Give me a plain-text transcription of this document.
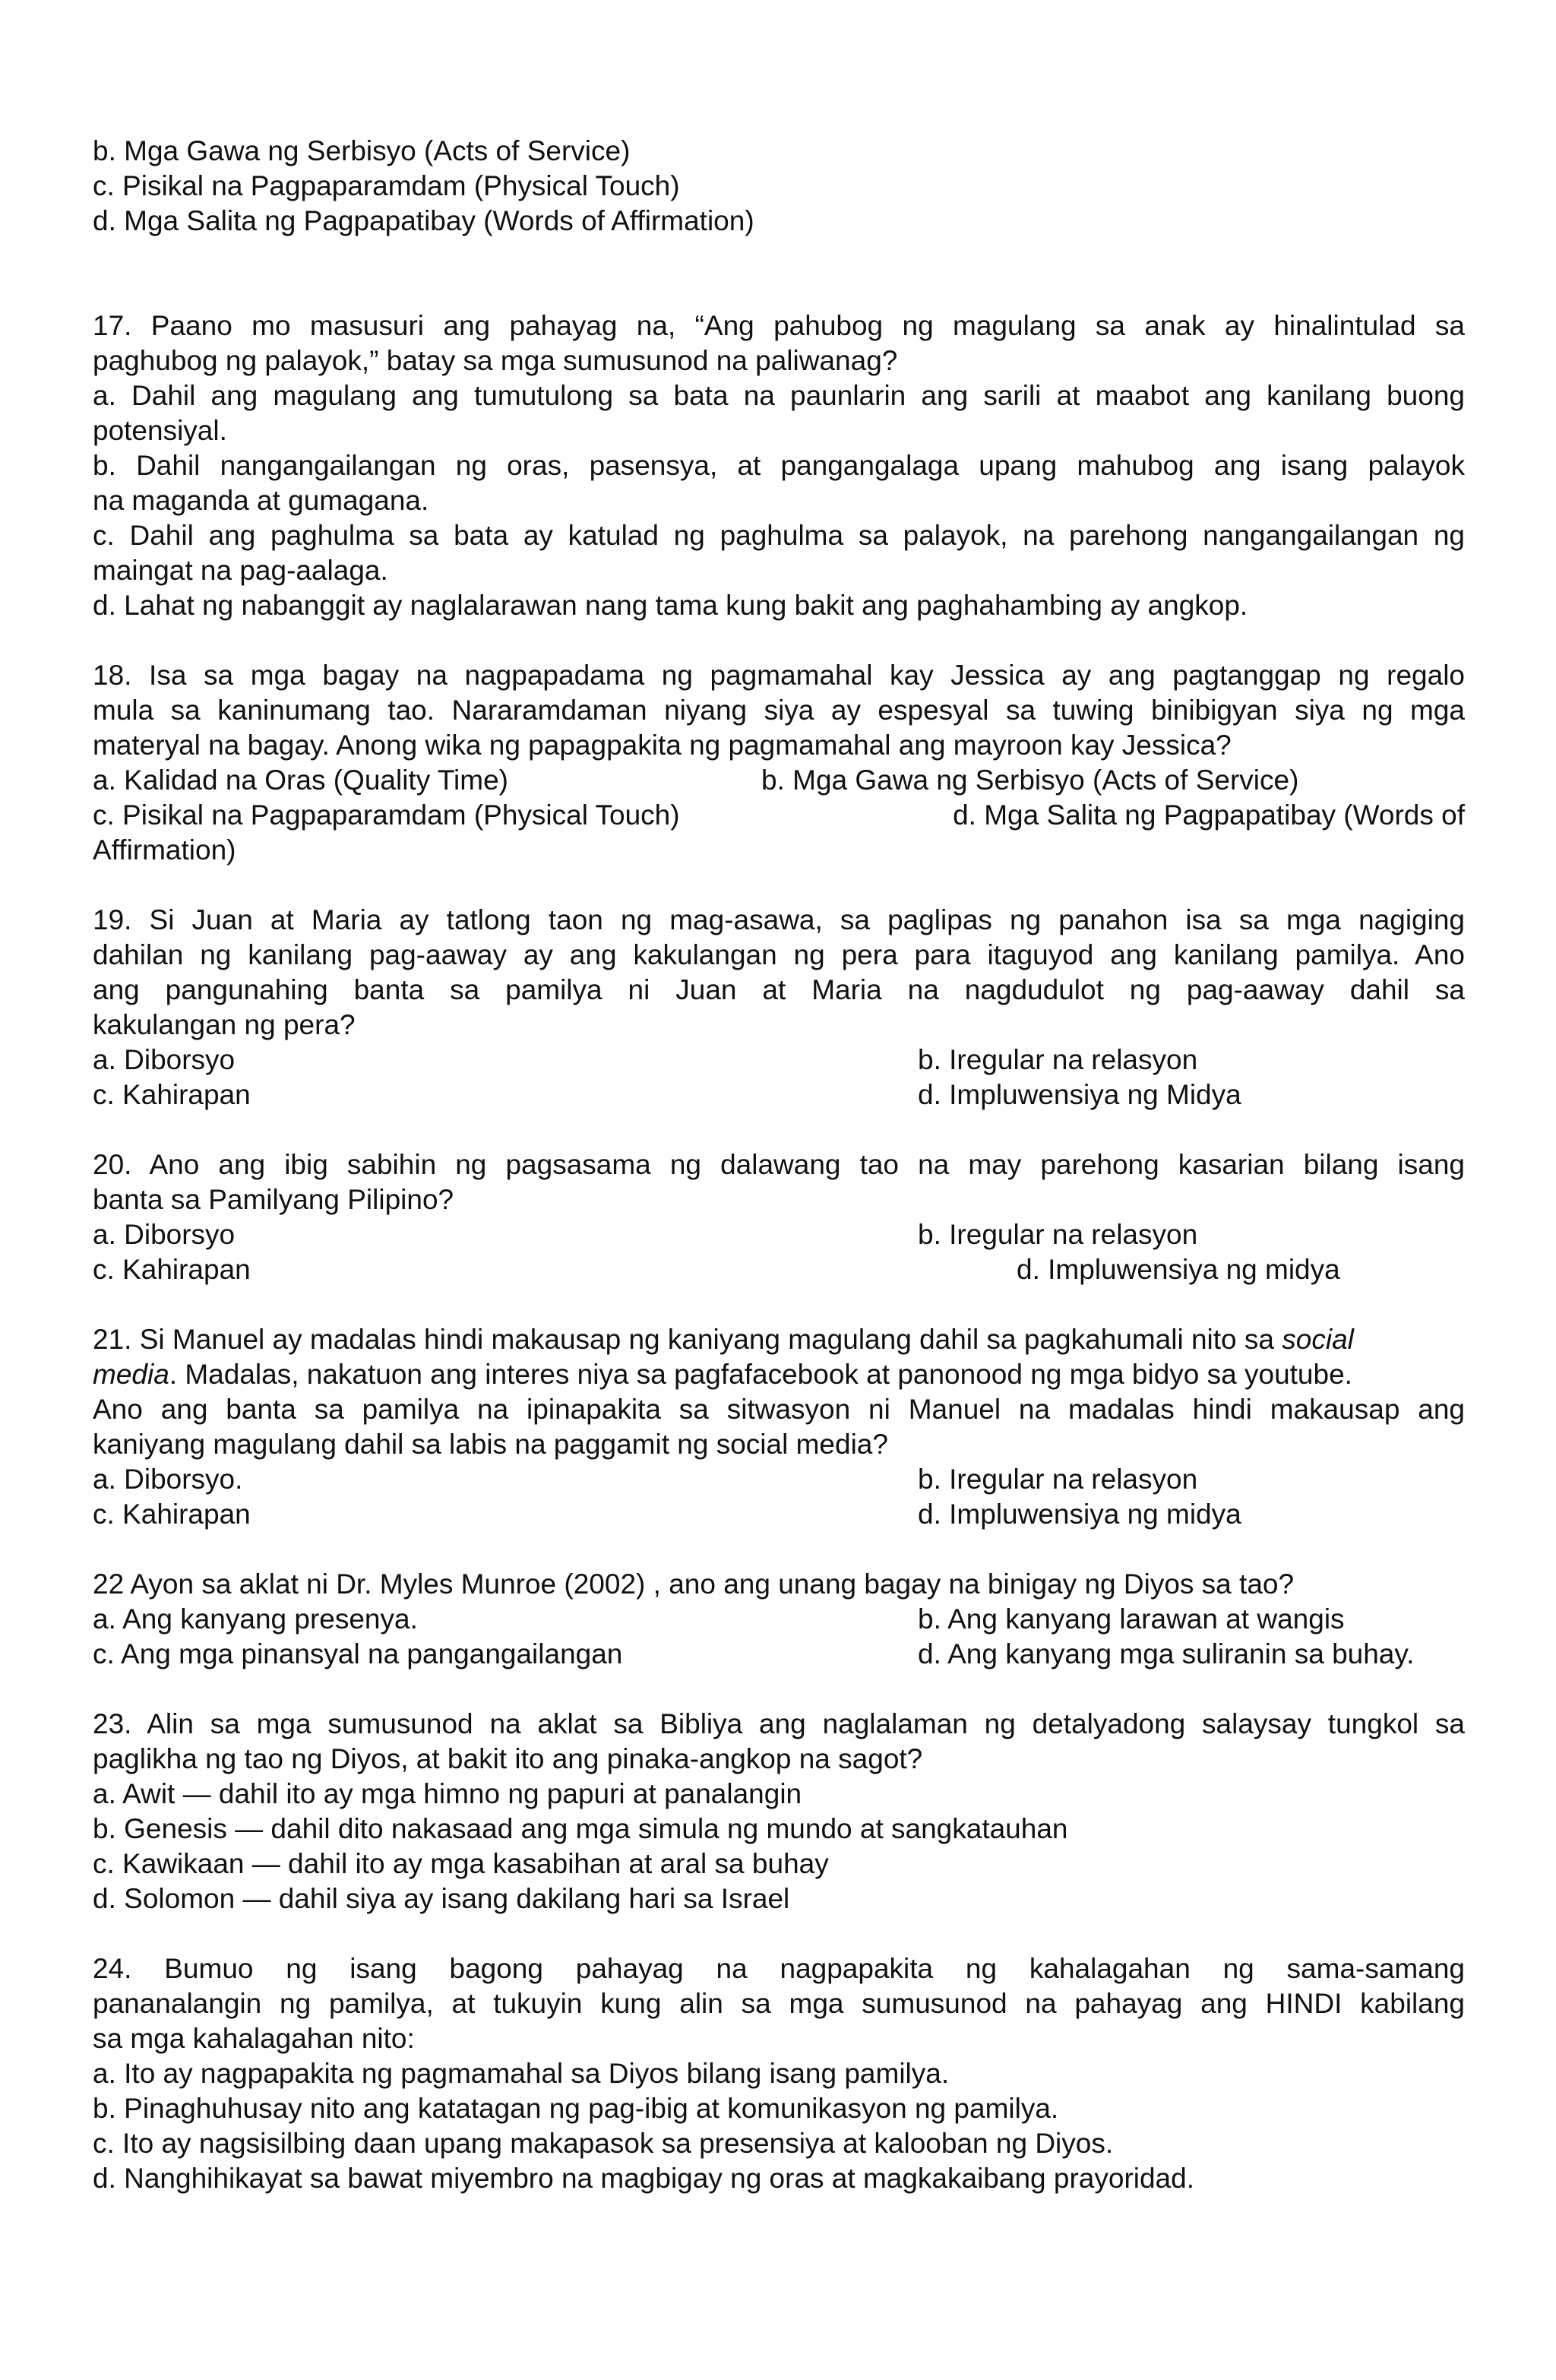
b. Mga Gawa ng Serbisyo (Acts of Service)
c. Pisikal na Pagpaparamdam (Physical Touch)
d. Mga Salita ng Pagpapatibay (Words of Affirmation)
17. Paano mo masusuri ang pahayag na, “Ang pahubog ng magulang sa anak ay hinalintulad sa
paghubog ng palayok,” batay sa mga sumusunod na paliwanag?
a. Dahil ang magulang ang tumutulong sa bata na paunlarin ang sarili at maabot ang kanilang buong
potensiyal.
b. Dahil nangangailangan ng oras, pasensya, at pangangalaga upang mahubog ang isang palayok
na maganda at gumagana.
c. Dahil ang paghulma sa bata ay katulad ng paghulma sa palayok, na parehong nangangailangan ng
maingat na pag-aalaga.
d. Lahat ng nabanggit ay naglalarawan nang tama kung bakit ang paghahambing ay angkop.
18. Isa sa mga bagay na nagpapadama ng pagmamahal kay Jessica ay ang pagtanggap ng regalo
mula sa kaninumang tao. Nararamdaman niyang siya ay espesyal sa tuwing binibigyan siya ng mga
materyal na bagay. Anong wika ng papagpakita ng pagmamahal ang mayroon kay Jessica?
a. Kalidad na Oras (Quality Time)	b. Mga Gawa ng Serbisyo (Acts of Service)
c. Pisikal na Pagpaparamdam (Physical Touch)	d. Mga Salita ng Pagpapatibay (Words of
Affirmation)
19. Si Juan at Maria ay tatlong taon ng mag-asawa, sa paglipas ng panahon isa sa mga nagiging
dahilan ng kanilang pag-aaway ay ang kakulangan ng pera para itaguyod ang kanilang pamilya. Ano
ang pangunahing banta sa pamilya ni Juan at Maria na nagdudulot ng pag-aaway dahil sa
kakulangan ng pera?
a. Diborsyo	b. Iregular na relasyon
c. Kahirapan	d. Impluwensiya ng Midya
20. Ano ang ibig sabihin ng pagsasama ng dalawang tao na may parehong kasarian bilang isang
banta sa Pamilyang Pilipino?
a. Diborsyo	b. Iregular na relasyon
c. Kahirapan	d. Impluwensiya ng midya
21. Si Manuel ay madalas hindi makausap ng kaniyang magulang dahil sa pagkahumali nito sa social
media. Madalas, nakatuon ang interes niya sa pagfafacebook at panonood ng mga bidyo sa youtube.
Ano ang banta sa pamilya na ipinapakita sa sitwasyon ni Manuel na madalas hindi makausap ang
kaniyang magulang dahil sa labis na paggamit ng social media?
a. Diborsyo.	b. Iregular na relasyon
c. Kahirapan	d. Impluwensiya ng midya
22 Ayon sa aklat ni Dr. Myles Munroe (2002) , ano ang unang bagay na binigay ng Diyos sa tao?
a. Ang kanyang presenya.	b. Ang kanyang larawan at wangis
c. Ang mga pinansyal na pangangailangan	d. Ang kanyang mga suliranin sa buhay.
23. Alin sa mga sumusunod na aklat sa Bibliya ang naglalaman ng detalyadong salaysay tungkol sa
paglikha ng tao ng Diyos, at bakit ito ang pinaka-angkop na sagot?
a. Awit — dahil ito ay mga himno ng papuri at panalangin
b. Genesis — dahil dito nakasaad ang mga simula ng mundo at sangkatauhan
c. Kawikaan — dahil ito ay mga kasabihan at aral sa buhay
d. Solomon — dahil siya ay isang dakilang hari sa Israel
24. Bumuo ng isang bagong pahayag na nagpapakita ng kahalagahan ng sama-samang
pananalangin ng pamilya, at tukuyin kung alin sa mga sumusunod na pahayag ang HINDI kabilang
sa mga kahalagahan nito:
a. Ito ay nagpapakita ng pagmamahal sa Diyos bilang isang pamilya.
b. Pinaghuhusay nito ang katatagan ng pag-ibig at komunikasyon ng pamilya.
c. Ito ay nagsisilbing daan upang makapasok sa presensiya at kalooban ng Diyos.
d. Nanghihikayat sa bawat miyembro na magbigay ng oras at magkakaibang prayoridad.
